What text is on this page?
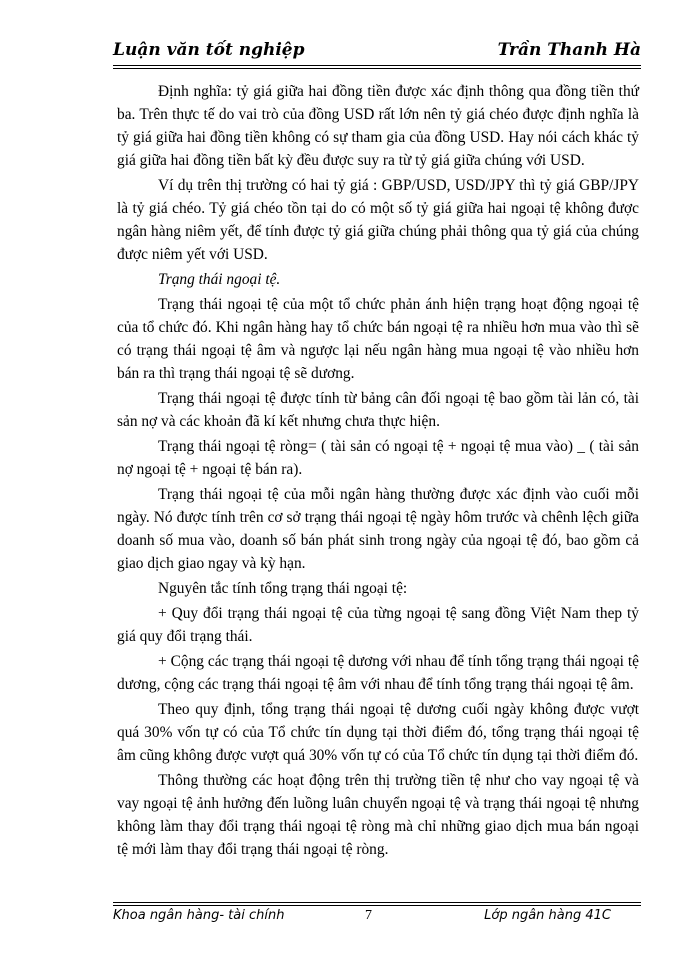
Luận văn tốt nghiệp	Trần Thanh Hà

Định nghĩa: tỷ giá giữa hai đồng tiền được xác định thông qua đồng tiền thứ ba. Trên thực tế do vai trò của đồng USD rất lớn nên tỷ giá chéo được định nghĩa là tỷ giá giữa hai đồng tiền không có sự tham gia của đồng USD. Hay nói cách khác tỷ giá giữa hai đồng tiền bất kỳ đều được suy ra từ tỷ giá giữa chúng với USD.

Ví dụ trên thị trường có hai tỷ giá : GBP/USD, USD/JPY thì tỷ giá GBP/JPY là tỷ giá chéo. Tỷ giá chéo tồn tại do có một số tỷ giá giữa hai ngoại tệ không được ngân hàng niêm yết, để tính được tỷ giá giữa chúng phải thông qua tỷ giá của chúng được niêm yết với USD.

Trạng thái ngoại tệ.

Trạng thái ngoại tệ của một tổ chức phản ánh hiện trạng hoạt động ngoại tệ của tổ chức đó. Khi ngân hàng hay tổ chức bán ngoại tệ ra nhiều hơn mua vào thì sẽ có trạng thái ngoại tệ âm và ngược lại nếu ngân hàng mua ngoại tệ vào nhiều hơn bán ra thì trạng thái ngoại tệ sẽ dương.

Trạng thái ngoại tệ được tính từ bảng cân đối ngoại tệ bao gồm tài lản có, tài sản nợ và các khoản đã kí kết nhưng chưa thực hiện.

Trạng thái ngoại tệ ròng= ( tài sản có ngoại tệ + ngoại tệ mua vào) _ ( tài sản nợ ngoại tệ + ngoại tệ bán ra).

Trạng thái ngoại tệ của mỗi ngân hàng thường được xác định vào cuối mỗi ngày. Nó được tính trên cơ sở trạng thái ngoại tệ ngày hôm trước và chênh lệch giữa doanh số mua vào, doanh số bán phát sinh trong ngày của ngoại tệ đó, bao gồm cả giao dịch giao ngay và kỳ hạn.

Nguyên tắc tính tổng trạng thái ngoại tệ:

+ Quy đổi trạng thái ngoại tệ của từng ngoại tệ sang đồng Việt Nam thep tỷ giá quy đổi trạng thái.

+ Cộng các trạng thái ngoại tệ dương với nhau để tính tổng trạng thái ngoại tệ dương, cộng các trạng thái ngoại tệ âm với nhau để tính tổng trạng thái ngoại tệ âm.

Theo quy định, tổng trạng thái ngoại tệ dương cuối ngày không được vượt quá 30% vốn tự có của Tổ chức tín dụng tại thời điểm đó, tổng trạng thái ngoại tệ âm cũng không được vượt quá 30% vốn tự có của Tổ chức tín dụng tại thời điểm đó.

Thông thường các hoạt động trên thị trường tiền tệ như cho vay ngoại tệ và vay ngoại tệ ảnh hưởng đến luồng luân chuyển ngoại tệ và trạng thái ngoại tệ nhưng không làm thay đổi trạng thái ngoại tệ ròng mà chỉ những giao dịch mua bán ngoại tệ mới làm thay đổi trạng thái ngoại tệ ròng.

Khoa ngân hàng- tài chính	7	Lớp ngân hàng 41C
